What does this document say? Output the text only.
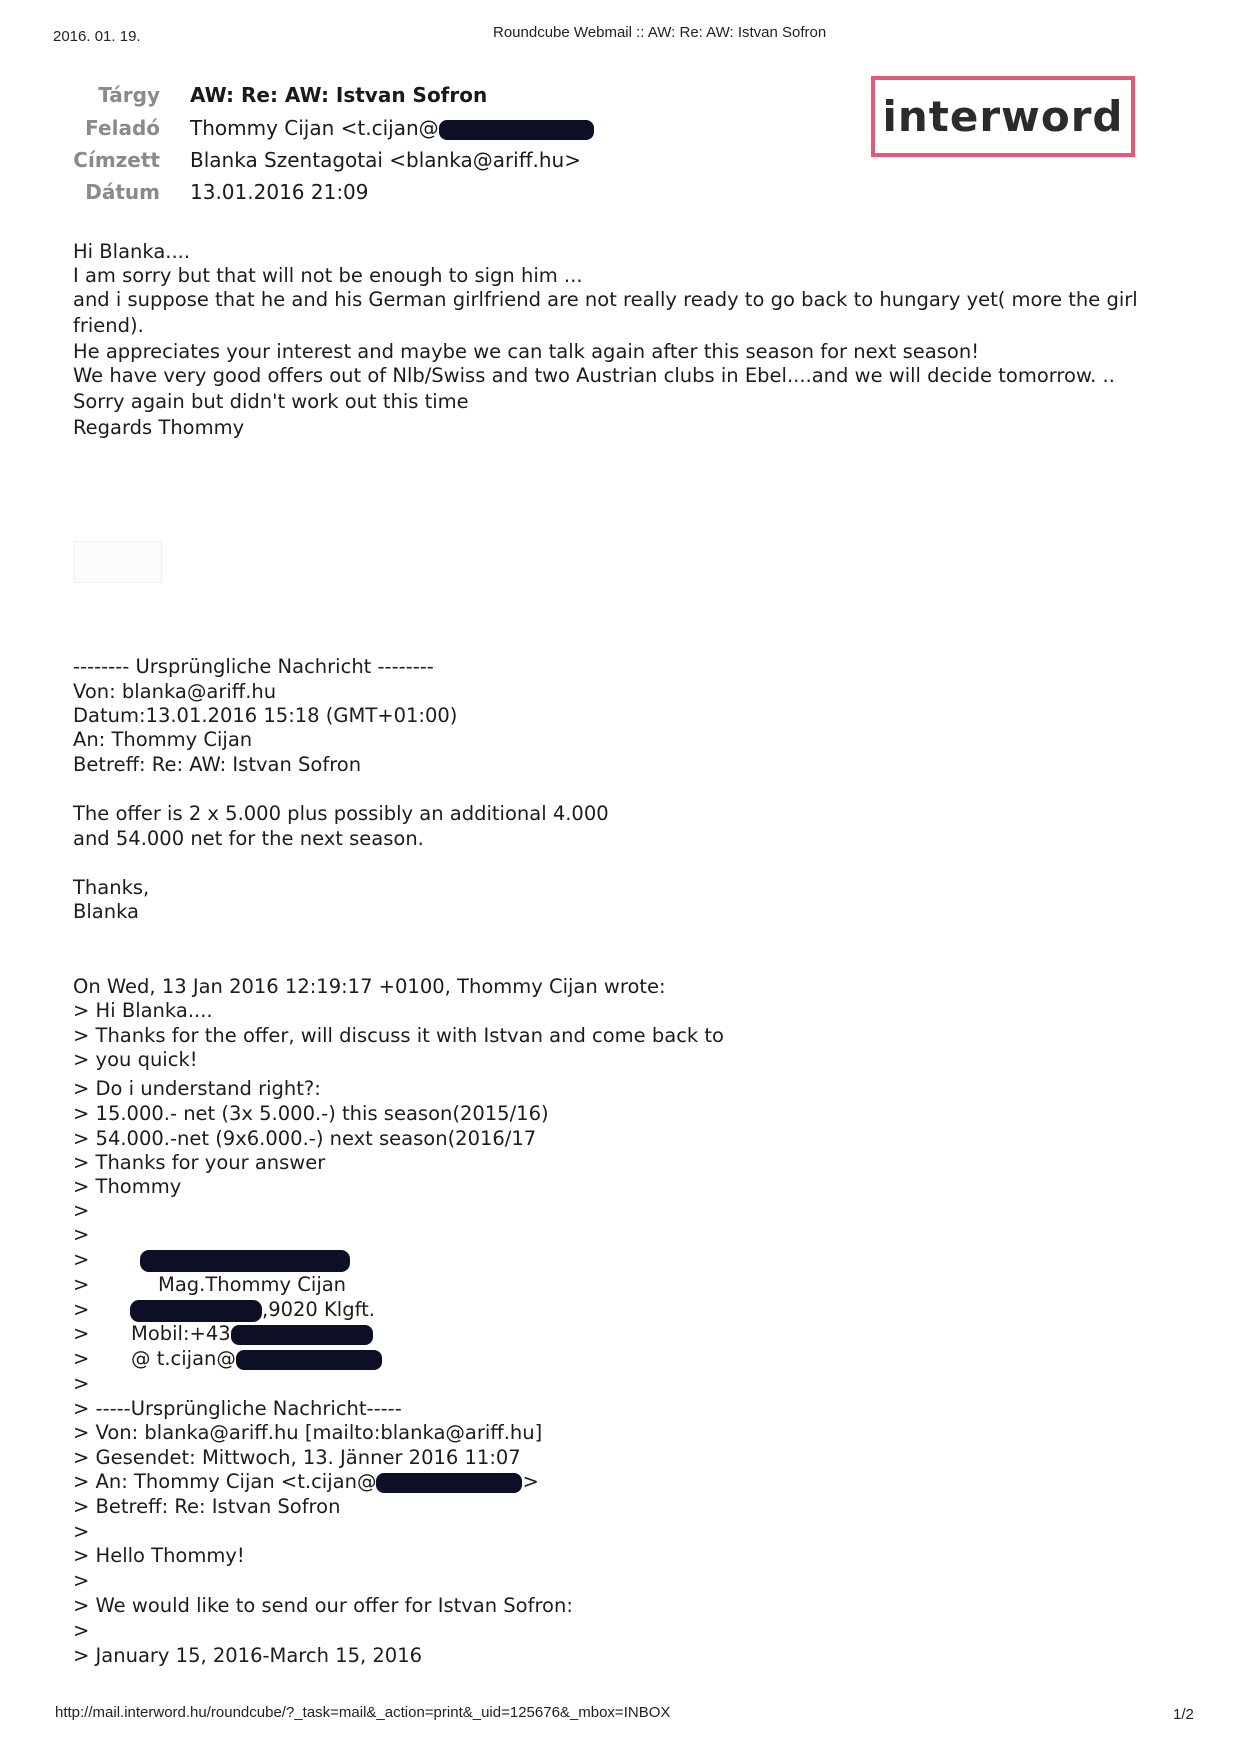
2016. 01. 19.	Roundcube Webmail :: AW: Re: AW: Istvan Sofron
Tárgy AW: Re: AW: Istvan Sofron
Feladó Thommy Cijan <t.cijan@
Címzett Blanka Szentagotai <blanka@ariff.hu>
Dátum 13.01.2016 21:09
interword
Hi Blanka....
I am sorry but that will not be enough to sign him ...
and i suppose that he and his German girlfriend are not really ready to go back to hungary yet( more the girl
friend).
He appreciates your interest and maybe we can talk again after this season for next season!
We have very good offers out of Nlb/Swiss and two Austrian clubs in Ebel....and we will decide tomorrow. ..
Sorry again but didn't work out this time
Regards Thommy
-------- Ursprüngliche Nachricht --------
Von: blanka@ariff.hu
Datum:13.01.2016 15:18 (GMT+01:00)
An: Thommy Cijan
Betreff: Re: AW: Istvan Sofron
The offer is 2 x 5.000 plus possibly an additional 4.000
and 54.000 net for the next season.
Thanks,
Blanka
On Wed, 13 Jan 2016 12:19:17 +0100, Thommy Cijan wrote:
> Hi Blanka....
> Thanks for the offer, will discuss it with Istvan and come back to
> you quick!
> Do i understand right?:
> 15.000.- net (3x 5.000.-) this season(2015/16)
> 54.000.-net (9x6.000.-) next season(2016/17
> Thanks for your answer
> Thommy
>
>
>
>	Mag.Thommy Cijan
>	,9020 Klgft.
> Mobil:+43
> @ t.cijan@
>
> -----Ursprüngliche Nachricht-----
> Von: blanka@ariff.hu [mailto:blanka@ariff.hu]
> Gesendet: Mittwoch, 13. Jänner 2016 11:07
> An: Thommy Cijan <t.cijan@	>
> Betreff: Re: Istvan Sofron
>
> Hello Thommy!
>
> We would like to send our offer for Istvan Sofron:
>
> January 15, 2016-March 15, 2016
http://mail.interword.hu/roundcube/?_task=mail&_action=print&_uid=125676&_mbox=INBOX	1/2
